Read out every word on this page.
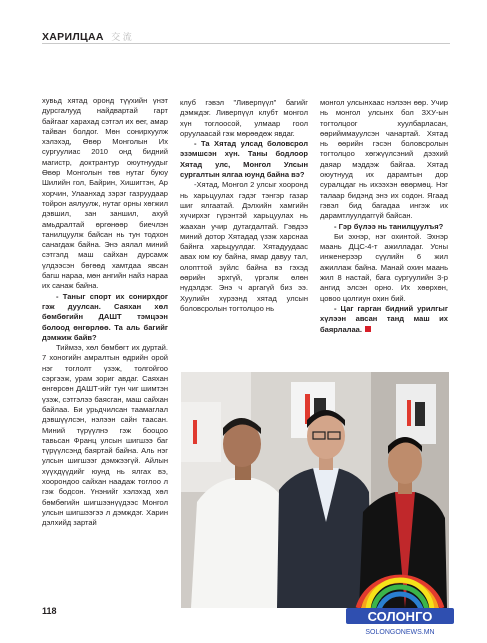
ХАРИЛЦАА 交 流

хувьд хятад оронд түүхийн үнэт дурсгалууд найдвартай гарт байгааг харахад сэтгэл их өег, амар тайван болдог. Мөн сонирхуулж хэлэхэд, Өвөр Монголын Их сургуулиас 2010 онд бидний магистр, доктрантур оюутнуудыг Өвөр Монголын төв нутаг буюу Шилийн гол, Байрин, Хишигтэн, Ар хорчин, Улаанхад зэрэг газруудаар тойрон аялуулж, нутаг орны хөгжил дэвшил, зан заншил, ахуй амьдралтай өргөнөөр биечлэн танилцуулж байсан нь тун тодхон санагдаж байна. Энэ аялал миний сэтгэлд маш сайхан дурсамж үлдээсэн бөгөөд хамтдаа явсан багш нараа, мөн ангийн найз нараа их санаж байна.

- Таныг спорт их сонирхдог гэж дуулсан. Саяхан хөл бөмбөгийн ДАШТ тэмцээн болоод өнгөрлөө. Та аль багийг дэмжиж байв?

Тиймээ, хөл бөмбөгт их дуртай. 7 хоногийн амралтын өдрийн орой нэг тоглолт үзэж, толгойгоо сэргээж, урам зориг авдаг. Саяхан өнгөрсөн ДАШТ-ийг тун чиг шимтэн үзэж, сэтгэлээ баясган, маш сайхан байлаа. Би урьдчилсан таамаглал дэвшүүлсэн, нэлээн сайн таасан. Миний түрүүлнэ гэж бооцоо тавьсан Франц улсын шигшээ баг түрүүлсэнд баяртай байна. Аль нэг улсын шигшээг дэмжээгүй. Айлын хүүхдүүдийг юунд нь ялгах вэ, хоорондоо сайхан наадаж тоглоо л гэж бодсон. Үнэнийг хэлэхэд хөл бөмбөгийн шигшээнүүдээс Монгол улсын шигшээгээ л дэмждэг. Харин дэлхийд зартай

клуб гэвэл "Ливерпүүл" багийг дэмждэг. Ливерпүүл клубт монгол хүн тоглоосой, улмаар гоол оруулаасай гэж мөрөөдөж явдаг.

- Та Хятад улсад боловсрол эзэмшсэн хүн. Таны бодлоор Хятад улс, Монгол Улсын сургалтын ялгаа юунд байна вэ?

-Хятад, Монгол 2 улсыг хооронд нь харьцуулах гэдэг тэнгэр газар шиг ялгаатай. Дэлхийн хамгийн хүчирхэг гүрэнтэй харьцуулах нь жаахан учир дутагдалтай. Гэвдээ миний дотор Хятадад үзэж харснаа байнга харьцуулдаг. Хятадуудаас авах юм юу байна, ямар давуу тал, олопттой зүйлс байна вэ гэхэд өөрийн эрхгүй, үргэлж өлөн нүдэлдэг. Энэ ч аргагүй биз ээ. Хуулийн хүрээнд хятад улсын боловсролын тогтолцоо нь

монгол улсынхаас нэлээн өөр. Учир нь монгол улсынх бол ЗХУ-ын тогтолцоог хуулбарласан, өөрийммауулсэн чанартай. Хятад нь өөрийн гэсэн боловсролын тогтолцоо хөгжүүлсэний дээхий даяар мэддэж байгаа. Хятад оюутнууд их дарамтын дор суралцдаг нь ихээхэн өвөрмөц. Нэг талаар бидэнд энэ их содон. Ягаад гэвэл бид багадаа ингэж их дарамтлуулдаггүй байсан.

- Гэр бүлээ нь танилцуулъя?

Би эхнэр, нэг охинтой. Эхнэр маань ДЦС-4-т ажилладаг. Усны инженерээр сүүлийн 6 жил ажиллаж байна. Манай охин маань жил 8 настай, бага сургуулийн 3-р ангид элсэн орно. Их хөөрхөн, цовоо цолгиун охин бий.

- Цаг гарган бидний урилгыг хүлээн авсан танд маш их баярлалаа.

118	СОЛОНГО
SOLONGONEWS.MN
